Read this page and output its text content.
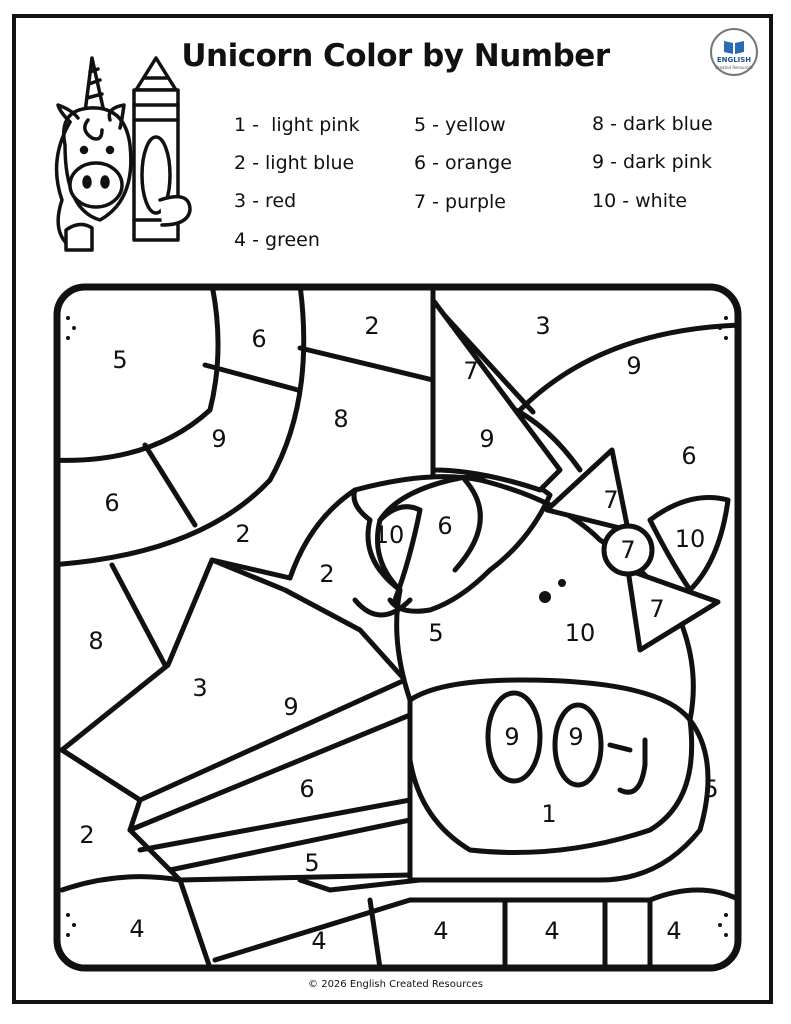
Unicorn Color by Number	ENGLISH
Created Resources
1 -  light pink
2 - light blue
3 - red
4 - green
5 - yellow
6 - orange
7 - purple
8 - dark blue
9 - dark pink
10 - white
5
6	2	3
7	9
8
9
6
9
6
2
7
2
10 6
7 10
8	5
7
10
3
9
9 9
6	5
1
2
5
4	4	4	4	4
© 2026 English Created Resources
